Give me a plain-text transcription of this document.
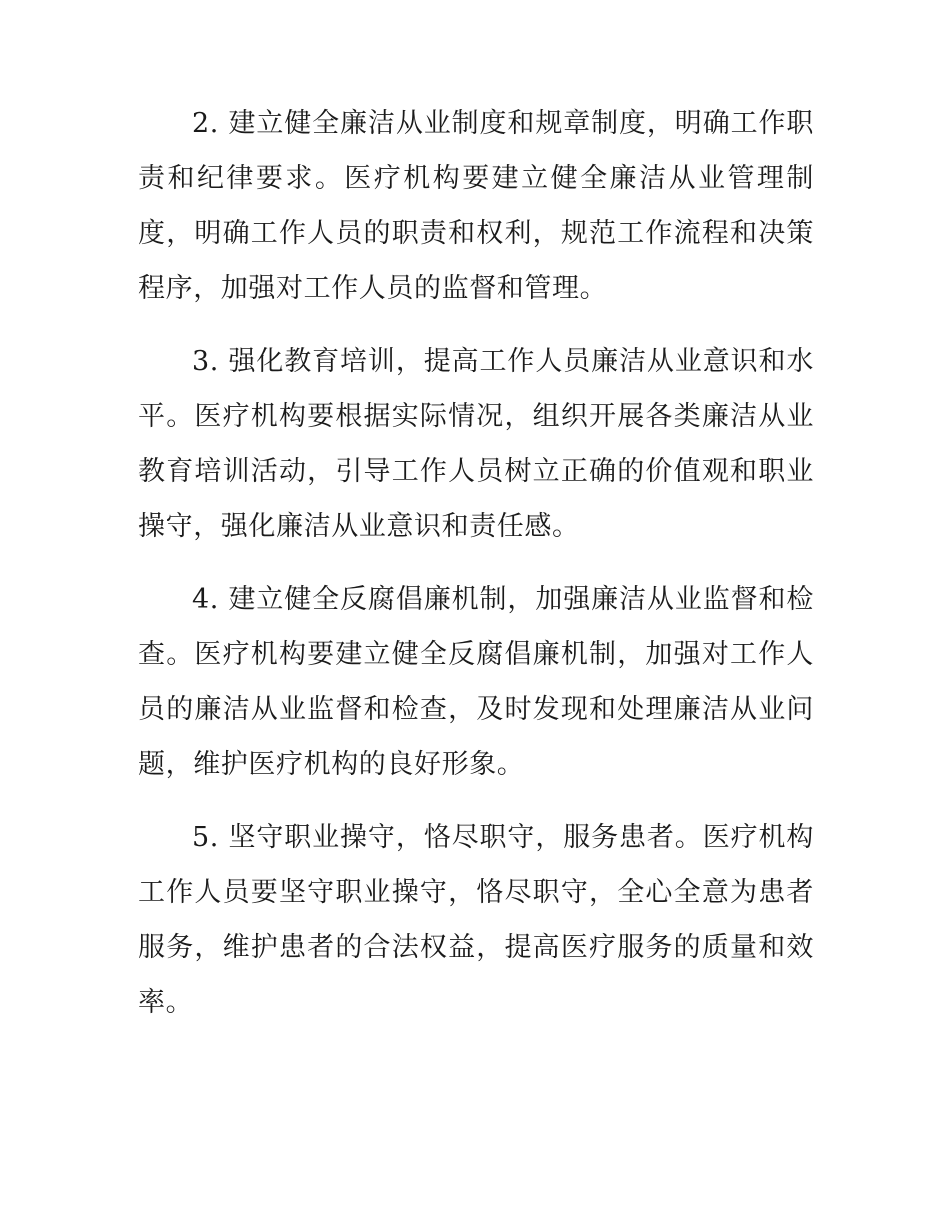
2. 建立健全廉洁从业制度和规章制度，明确工作职责和纪律要求。医疗机构要建立健全廉洁从业管理制度，明确工作人员的职责和权利，规范工作流程和决策程序，加强对工作人员的监督和管理。

3. 强化教育培训，提高工作人员廉洁从业意识和水平。医疗机构要根据实际情况，组织开展各类廉洁从业教育培训活动，引导工作人员树立正确的价值观和职业操守，强化廉洁从业意识和责任感。

4. 建立健全反腐倡廉机制，加强廉洁从业监督和检查。医疗机构要建立健全反腐倡廉机制，加强对工作人员的廉洁从业监督和检查，及时发现和处理廉洁从业问题，维护医疗机构的良好形象。

5. 坚守职业操守，恪尽职守，服务患者。医疗机构工作人员要坚守职业操守，恪尽职守，全心全意为患者服务，维护患者的合法权益，提高医疗服务的质量和效率。
